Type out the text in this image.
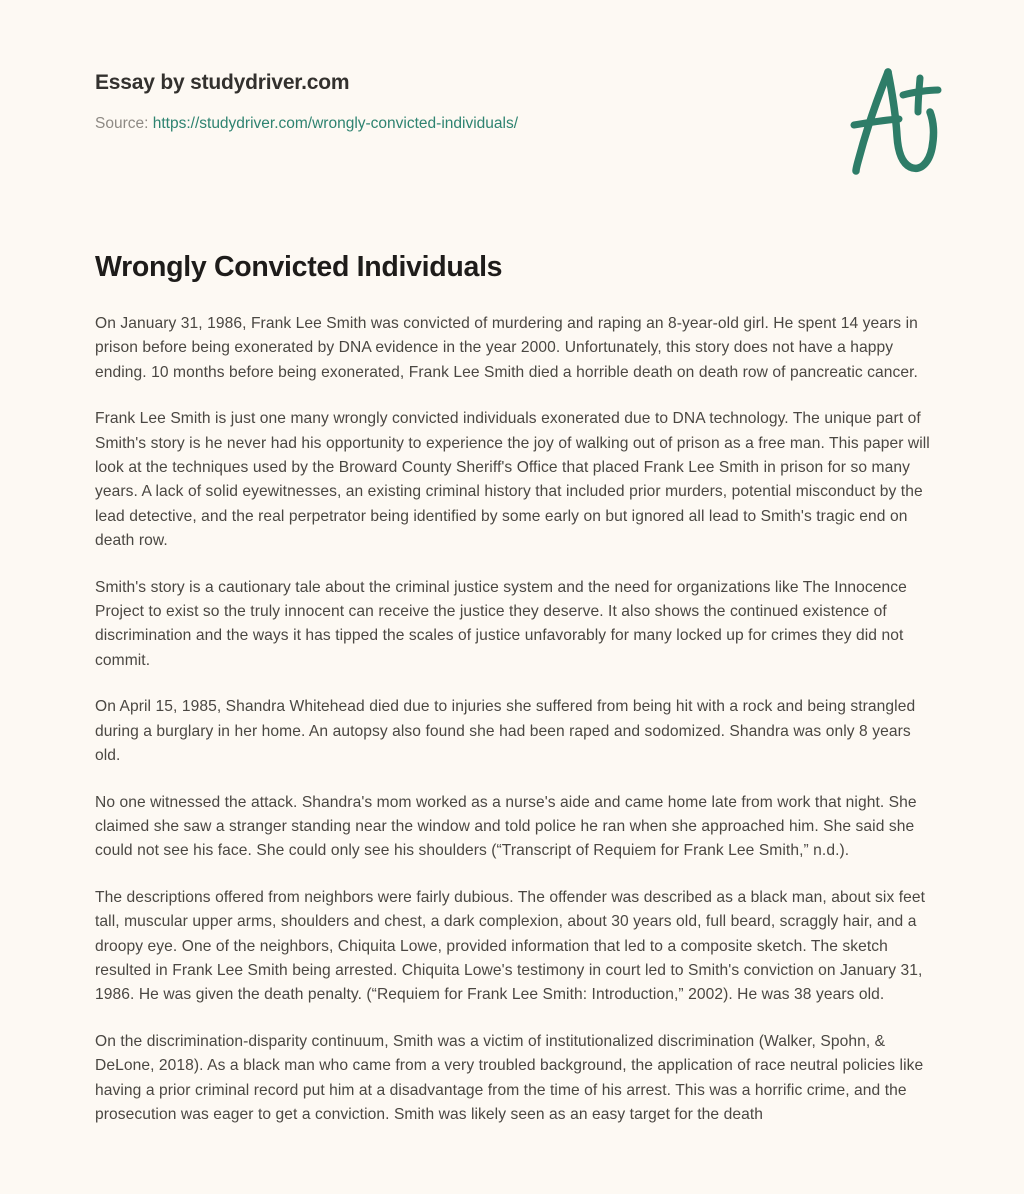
Essay by studydriver.com
Source: https://studydriver.com/wrongly-convicted-individuals/
Wrongly Convicted Individuals

On January 31, 1986, Frank Lee Smith was convicted of murdering and raping an 8-year-old girl. He spent 14 years in prison before being exonerated by DNA evidence in the year 2000. Unfortunately, this story does not have a happy ending. 10 months before being exonerated, Frank Lee Smith died a horrible death on death row of pancreatic cancer.

Frank Lee Smith is just one many wrongly convicted individuals exonerated due to DNA technology. The unique part of Smith's story is he never had his opportunity to experience the joy of walking out of prison as a free man. This paper will look at the techniques used by the Broward County Sheriff's Office that placed Frank Lee Smith in prison for so many years. A lack of solid eyewitnesses, an existing criminal history that included prior murders, potential misconduct by the lead detective, and the real perpetrator being identified by some early on but ignored all lead to Smith's tragic end on death row.

Smith's story is a cautionary tale about the criminal justice system and the need for organizations like The Innocence Project to exist so the truly innocent can receive the justice they deserve. It also shows the continued existence of discrimination and the ways it has tipped the scales of justice unfavorably for many locked up for crimes they did not commit.

On April 15, 1985, Shandra Whitehead died due to injuries she suffered from being hit with a rock and being strangled during a burglary in her home. An autopsy also found she had been raped and sodomized. Shandra was only 8 years old.

No one witnessed the attack. Shandra's mom worked as a nurse's aide and came home late from work that night. She claimed she saw a stranger standing near the window and told police he ran when she approached him. She said she could not see his face. She could only see his shoulders (“Transcript of Requiem for Frank Lee Smith,” n.d.).

The descriptions offered from neighbors were fairly dubious. The offender was described as a black man, about six feet tall, muscular upper arms, shoulders and chest, a dark complexion, about 30 years old, full beard, scraggly hair, and a droopy eye. One of the neighbors, Chiquita Lowe, provided information that led to a composite sketch. The sketch resulted in Frank Lee Smith being arrested. Chiquita Lowe's testimony in court led to Smith's conviction on January 31, 1986. He was given the death penalty. (“Requiem for Frank Lee Smith: Introduction,” 2002). He was 38 years old.

On the discrimination-disparity continuum, Smith was a victim of institutionalized discrimination (Walker, Spohn, & DeLone, 2018). As a black man who came from a very troubled background, the application of race neutral policies like having a prior criminal record put him at a disadvantage from the time of his arrest. This was a horrific crime, and the prosecution was eager to get a conviction. Smith was likely seen as an easy target for the death
